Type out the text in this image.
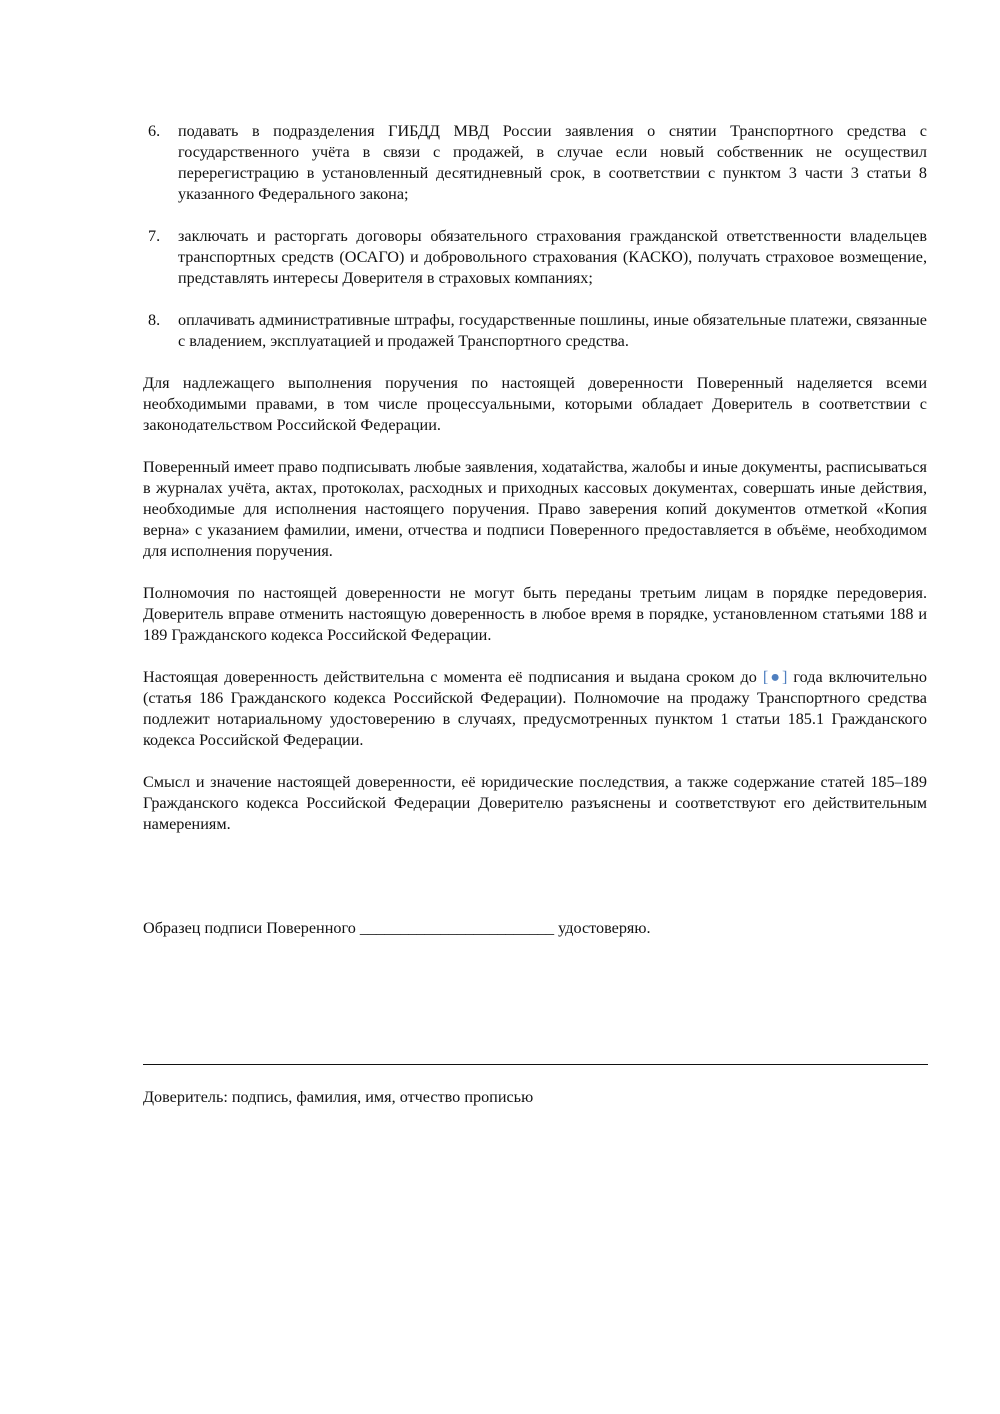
6. подавать в подразделения ГИБДД МВД России заявления о снятии Транспортного средства с государственного учёта в связи с продажей, в случае если новый собственник не осуществил перерегистрацию в установленный десятидневный срок, в соответствии с пунктом 3 части 3 статьи 8 указанного Федерального закона;
7. заключать и расторгать договоры обязательного страхования гражданской ответственности владельцев транспортных средств (ОСАГО) и добровольного страхования (КАСКО), получать страховое возмещение, представлять интересы Доверителя в страховых компаниях;
8. оплачивать административные штрафы, государственные пошлины, иные обязательные платежи, связанные с владением, эксплуатацией и продажей Транспортного средства.

Для надлежащего выполнения поручения по настоящей доверенности Поверенный наделяется всеми необходимыми правами, в том числе процессуальными, которыми обладает Доверитель в соответствии с законодательством Российской Федерации.

Поверенный имеет право подписывать любые заявления, ходатайства, жалобы и иные документы, расписываться в журналах учёта, актах, протоколах, расходных и приходных кассовых документах, совершать иные действия, необходимые для исполнения настоящего поручения. Право заверения копий документов отметкой «Копия верна» с указанием фамилии, имени, отчества и подписи Поверенного предоставляется в объёме, необходимом для исполнения поручения.

Полномочия по настоящей доверенности не могут быть переданы третьим лицам в порядке передоверия. Доверитель вправе отменить настоящую доверенность в любое время в порядке, установленном статьями 188 и 189 Гражданского кодекса Российской Федерации.

Настоящая доверенность действительна с момента её подписания и выдана сроком до [●] года включительно (статья 186 Гражданского кодекса Российской Федерации). Полномочие на продажу Транспортного средства подлежит нотариальному удостоверению в случаях, предусмотренных пунктом 1 статьи 185.1 Гражданского кодекса Российской Федерации.

Смысл и значение настоящей доверенности, её юридические последствия, а также содержание статей 185–189 Гражданского кодекса Российской Федерации Доверителю разъяснены и соответствуют его действительным намерениям.

Образец подписи Поверенного ________________________ удостоверяю.
Доверитель: подпись, фамилия, имя, отчество прописью
